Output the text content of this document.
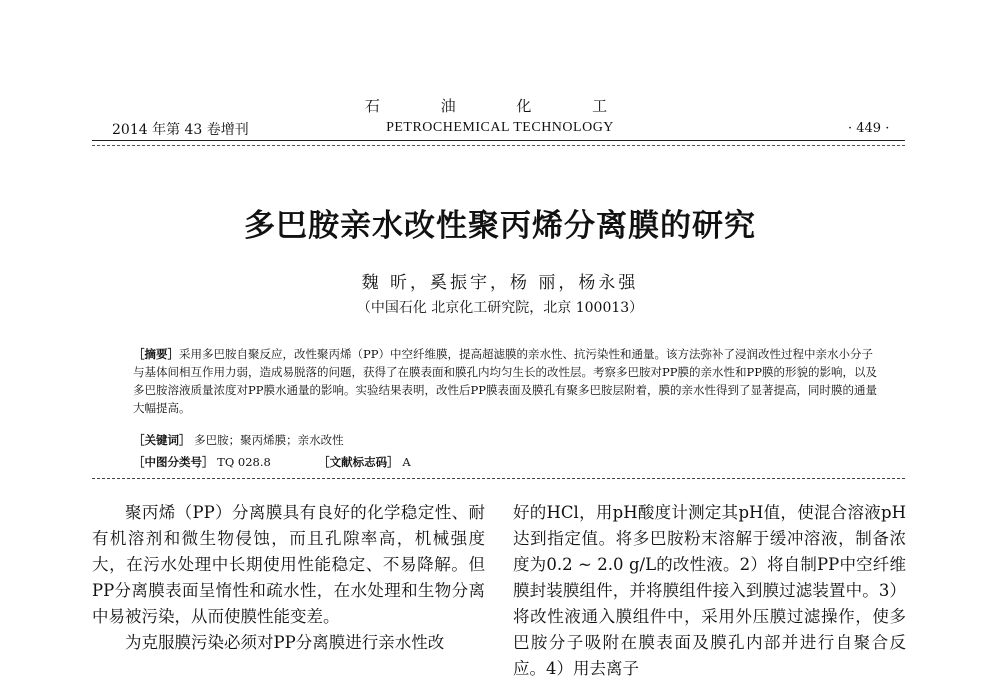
石 油 化 工
2014 年第 43 卷增刊	PETROCHEMICAL TECHNOLOGY	· 449 ·
多巴胺亲水改性聚丙烯分离膜的研究
魏 昕，奚振宇，杨 丽，杨永强
（中国石化 北京化工研究院，北京 100013）
［摘要］采用多巴胺自聚反应，改性聚丙烯（PP）中空纤维膜，提高超滤膜的亲水性、抗污染性和通量。该方法弥补了浸润改性过程中亲水小分子与基体间相互作用力弱，造成易脱落的问题，获得了在膜表面和膜孔内均匀生长的改性层。考察多巴胺对PP膜的亲水性和PP膜的形貌的影响，以及多巴胺溶液质量浓度对PP膜水通量的影响。实验结果表明，改性后PP膜表面及膜孔有聚多巴胺层附着，膜的亲水性得到了显著提高，同时膜的通量大幅提高。
［关键词］ 多巴胺；聚丙烯膜；亲水改性
［中图分类号］ TQ 028.8	［文献标志码］ A

聚丙烯（PP）分离膜具有良好的化学稳定性、耐有机溶剂和微生物侵蚀，而且孔隙率高，机械强度大，在污水处理中长期使用性能稳定、不易降解。但PP分离膜表面呈惰性和疏水性，在水处理和生物分离中易被污染，从而使膜性能变差。

为克服膜污染必须对PP分离膜进行亲水性改

好的HCl，用pH酸度计测定其pH值，使混合溶液pH达到指定值。将多巴胺粉末溶解于缓冲溶液，制备浓度为0.2 ~ 2.0 g/L的改性液。2）将自制PP中空纤维膜封装膜组件，并将膜组件接入到膜过滤装置中。3）将改性液通入膜组件中，采用外压膜过滤操作，使多巴胺分子吸附在膜表面及膜孔内部并进行自聚合反应。4）用去离子
